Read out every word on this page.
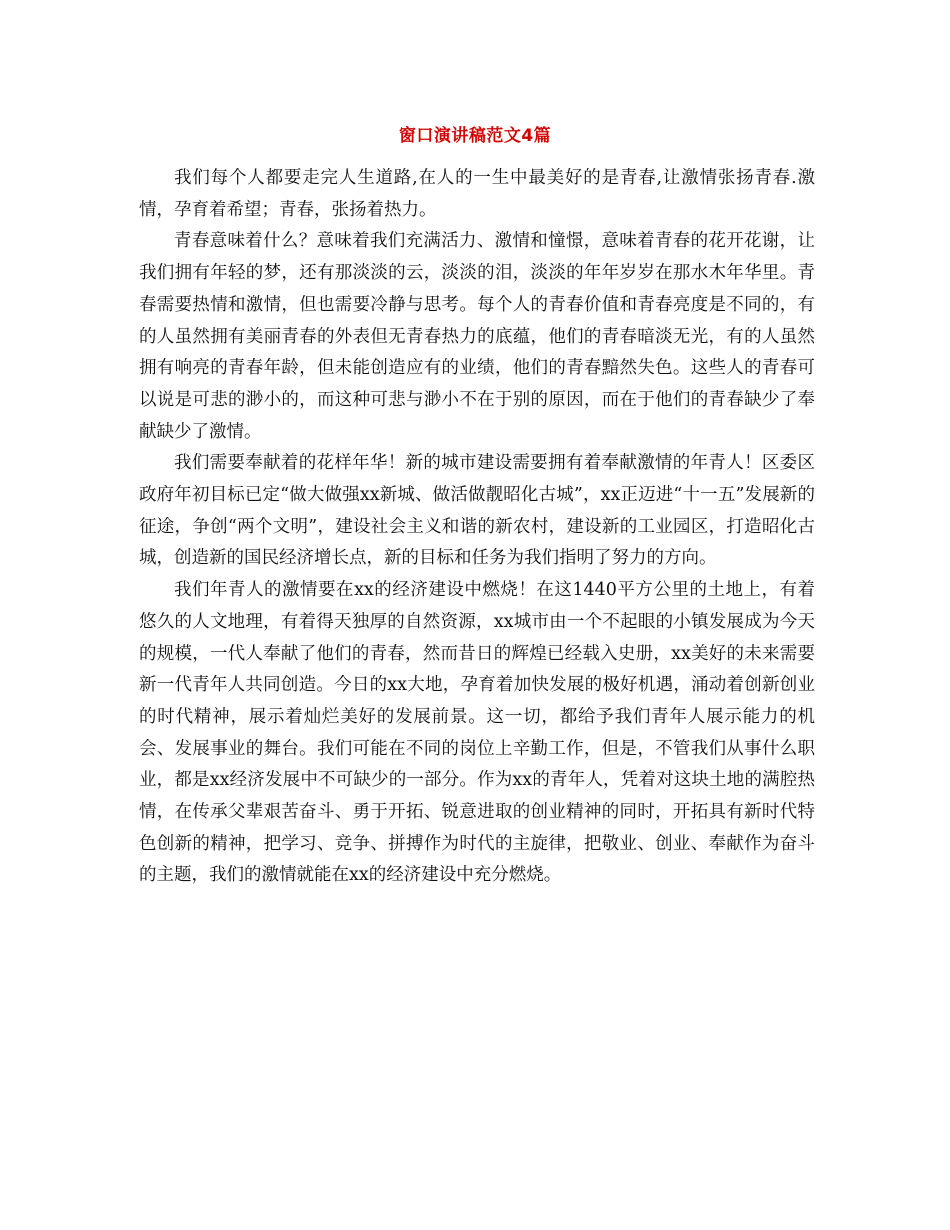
窗口演讲稿范文4篇

我们每个人都要走完人生道路,在人的一生中最美好的是青春,让激情张扬青春.激情，孕育着希望；青春，张扬着热力。

青春意味着什么？意味着我们充满活力、激情和憧憬，意味着青春的花开花谢，让我们拥有年轻的梦，还有那淡淡的云，淡淡的泪，淡淡的年年岁岁在那水木年华里。青春需要热情和激情，但也需要冷静与思考。每个人的青春价值和青春亮度是不同的，有的人虽然拥有美丽青春的外表但无青春热力的底蕴，他们的青春暗淡无光，有的人虽然拥有响亮的青春年龄，但未能创造应有的业绩，他们的青春黯然失色。这些人的青春可以说是可悲的渺小的，而这种可悲与渺小不在于别的原因，而在于他们的青春缺少了奉献缺少了激情。

我们需要奉献着的花样年华！新的城市建设需要拥有着奉献激情的年青人！区委区政府年初目标已定“做大做强xx新城、做活做靓昭化古城”，xx正迈进“十一五”发展新的征途，争创“两个文明”，建设社会主义和谐的新农村，建设新的工业园区，打造昭化古城，创造新的国民经济增长点，新的目标和任务为我们指明了努力的方向。

我们年青人的激情要在xx的经济建设中燃烧！在这1440平方公里的土地上，有着悠久的人文地理，有着得天独厚的自然资源，xx城市由一个不起眼的小镇发展成为今天的规模，一代人奉献了他们的青春，然而昔日的辉煌已经载入史册，xx美好的未来需要新一代青年人共同创造。今日的xx大地，孕育着加快发展的极好机遇，涌动着创新创业的时代精神，展示着灿烂美好的发展前景。这一切，都给予我们青年人展示能力的机会、发展事业的舞台。我们可能在不同的岗位上辛勤工作，但是，不管我们从事什么职业，都是xx经济发展中不可缺少的一部分。作为xx的青年人，凭着对这块土地的满腔热情，在传承父辈艰苦奋斗、勇于开拓、锐意进取的创业精神的同时，开拓具有新时代特色创新的精神，把学习、竞争、拼搏作为时代的主旋律，把敬业、创业、奉献作为奋斗的主题，我们的激情就能在xx的经济建设中充分燃烧。
